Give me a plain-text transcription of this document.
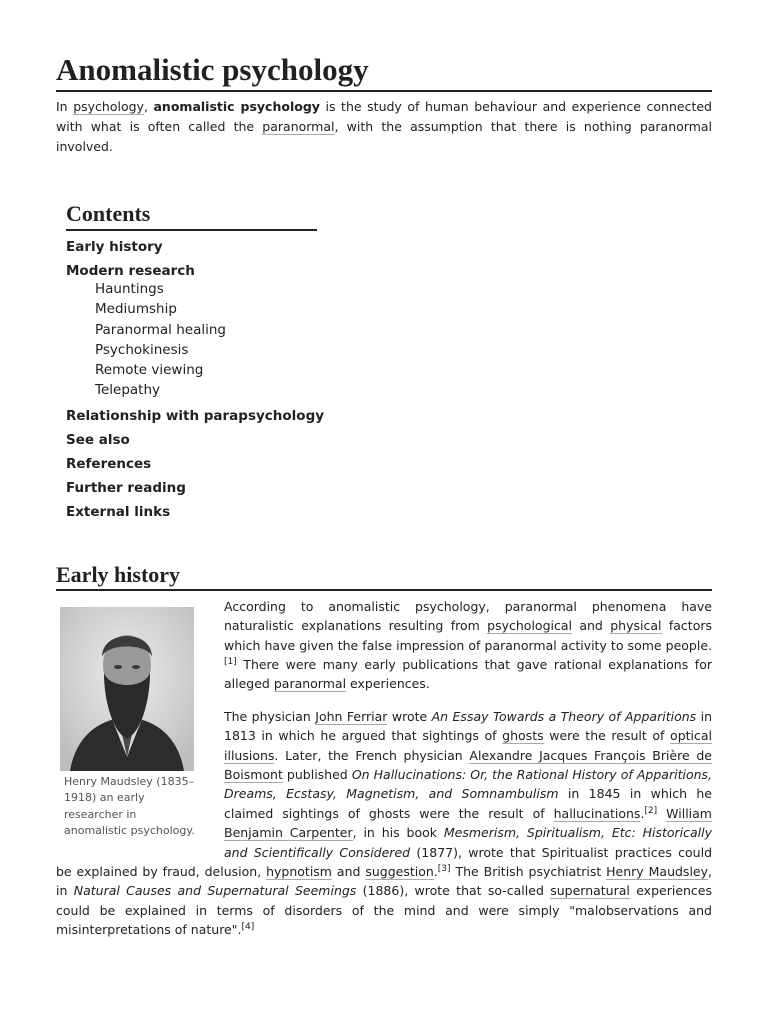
Anomalistic psychology

In psychology, anomalistic psychology is the study of human behaviour and experience connected with what is often called the paranormal, with the assumption that there is nothing paranormal involved.

Contents
Early history
Modern research
Hauntings
Mediumship
Paranormal healing
Psychokinesis
Remote viewing
Telepathy
Relationship with parapsychology
See also
References
Further reading
External links
Early history
Henry Maudsley (1835–1918) an early researcher in anomalistic psychology.

According to anomalistic psychology, paranormal phenomena have naturalistic explanations resulting from psychological and physical factors which have given the false impression of paranormal activity to some people.[1] There were many early publications that gave rational explanations for alleged paranormal experiences.

The physician John Ferriar wrote An Essay Towards a Theory of Apparitions in 1813 in which he argued that sightings of ghosts were the result of optical illusions. Later, the French physician Alexandre Jacques François Brière de Boismont published On Hallucinations: Or, the Rational History of Apparitions, Dreams, Ecstasy, Magnetism, and Somnambulism in 1845 in which he claimed sightings of ghosts were the result of hallucinations.[2] William Benjamin Carpenter, in his book Mesmerism, Spiritualism, Etc: Historically and Scientifically Considered (1877), wrote that Spiritualist practices could be explained by fraud, delusion, hypnotism and suggestion.[3] The British psychiatrist Henry Maudsley, in Natural Causes and Supernatural Seemings (1886), wrote that so-called supernatural experiences could be explained in terms of disorders of the mind and were simply "malobservations and misinterpretations of nature".[4]
